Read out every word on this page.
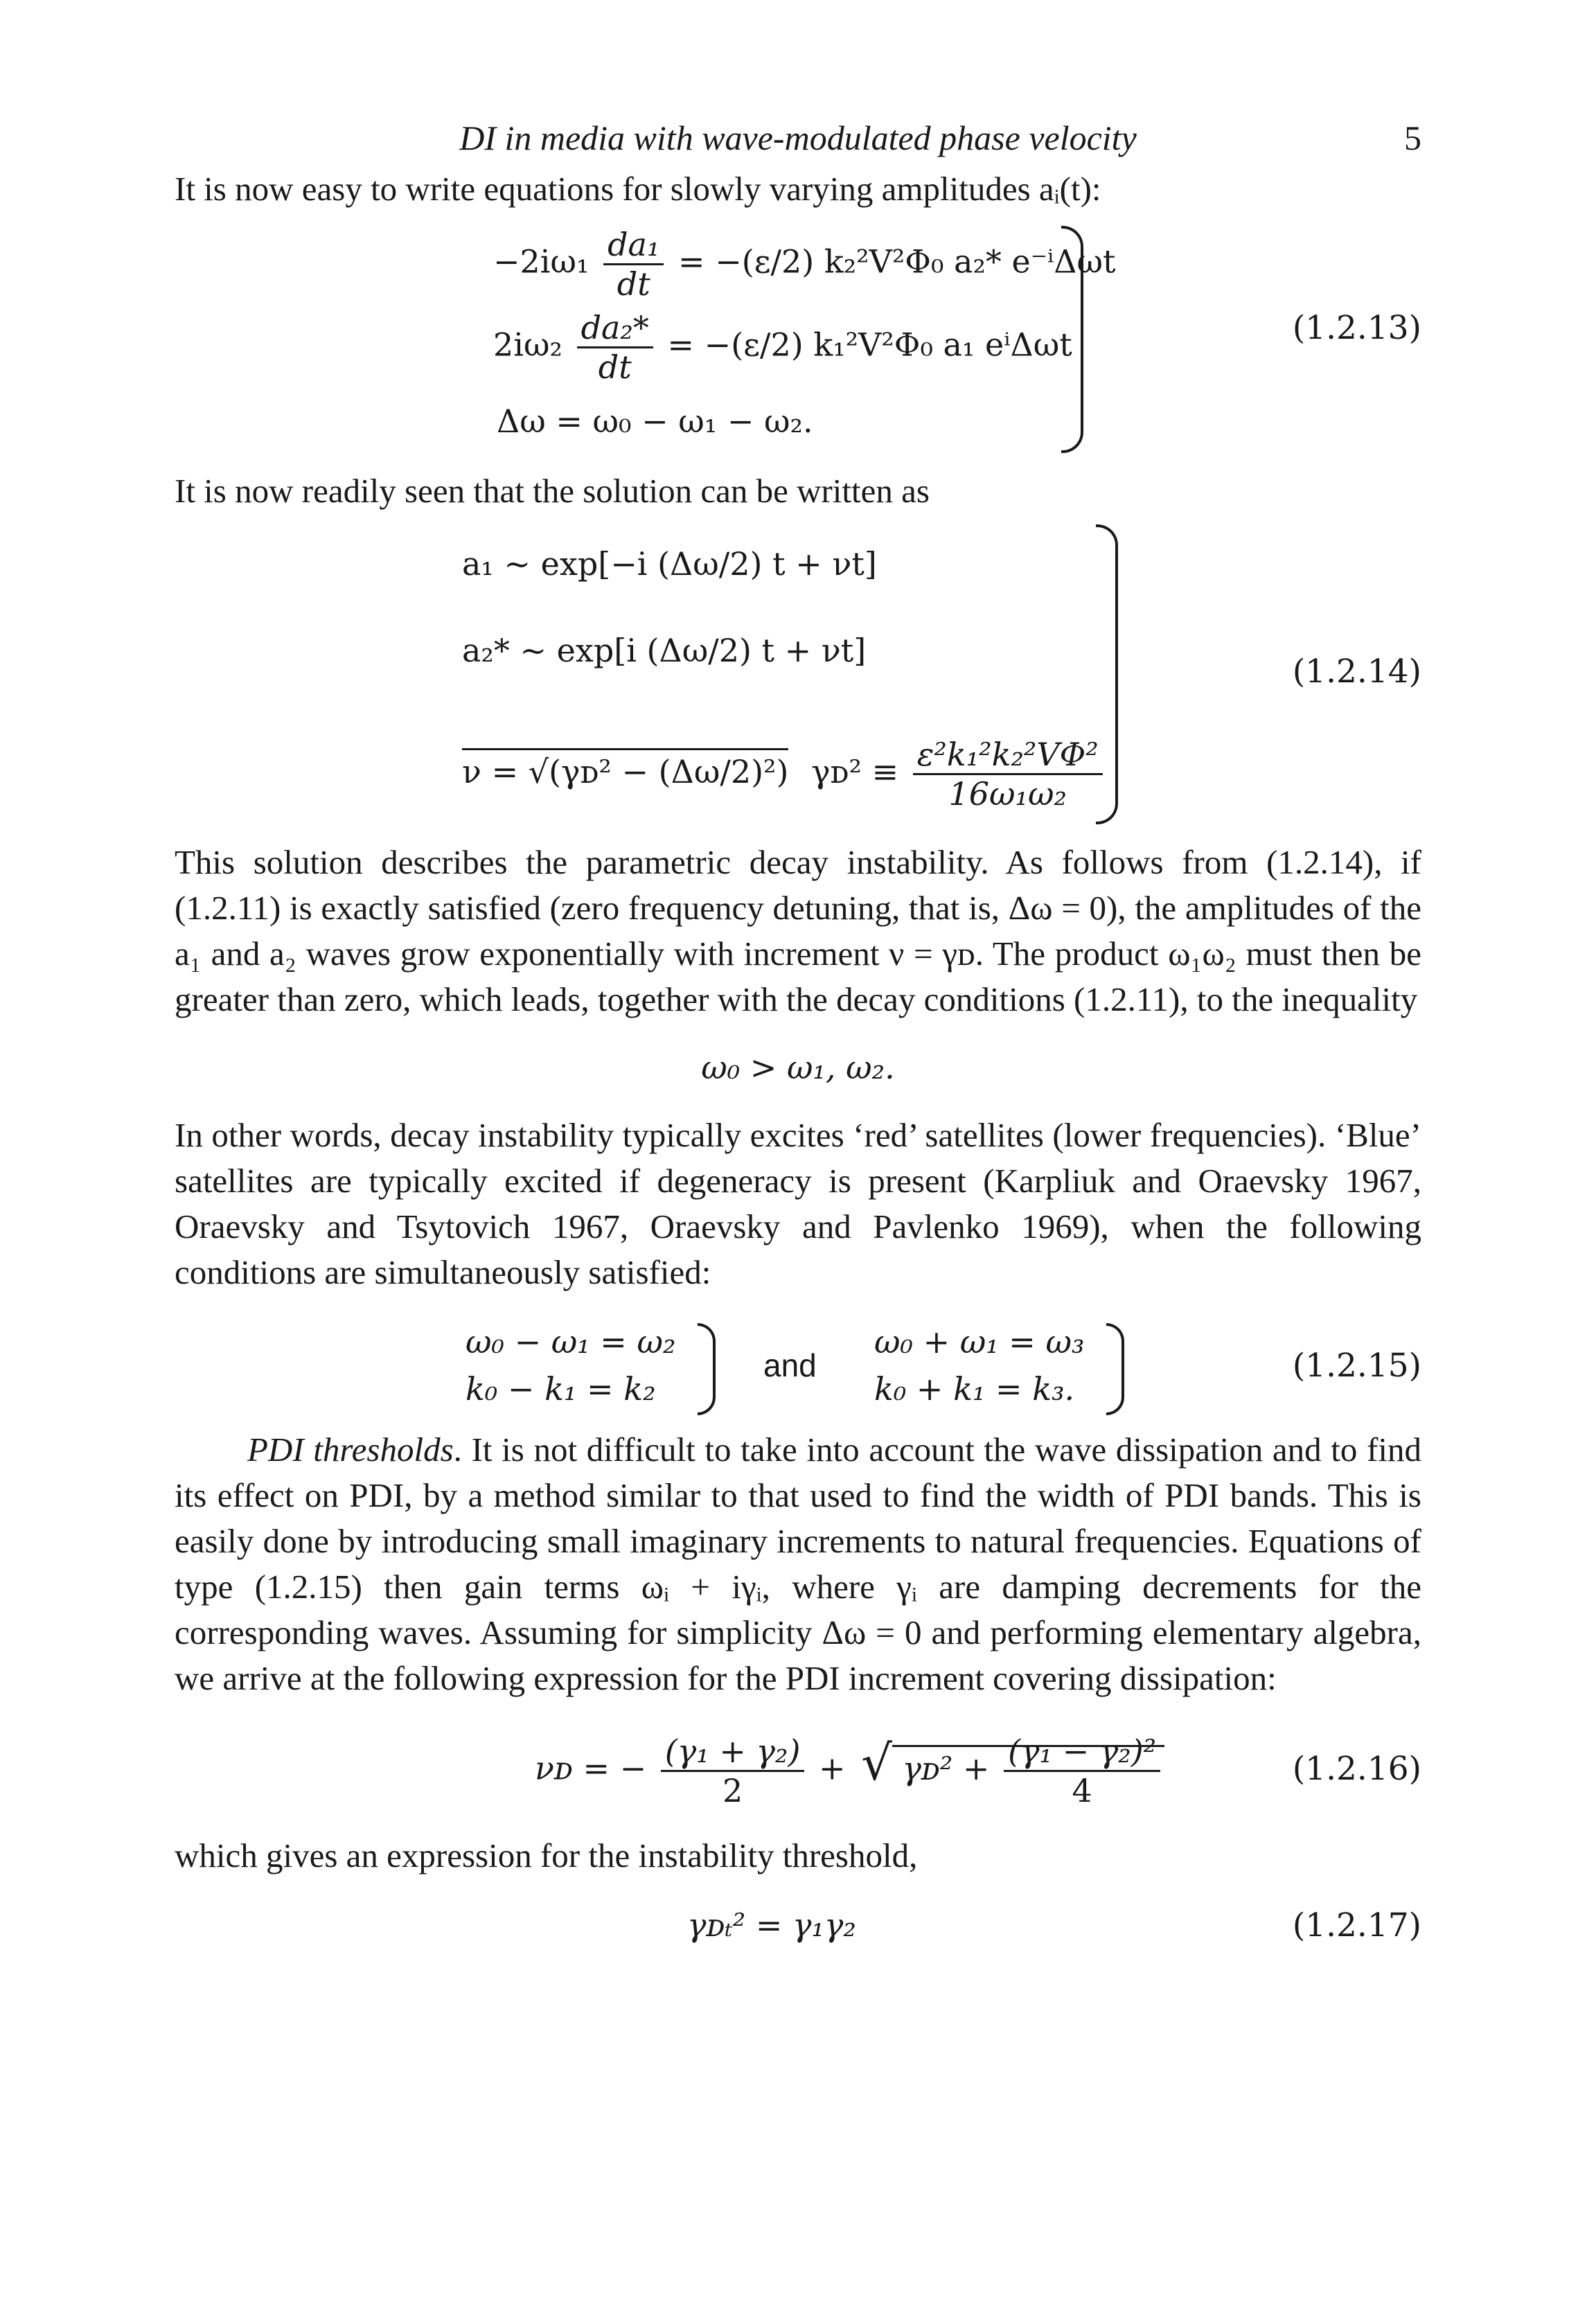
DI in media with wave-modulated phase velocity	5

It is now easy to write equations for slowly varying amplitudes aᵢ(t):

$-2i\omega_1 \frac{\text{da₁}}{dt} = -(\varepsilon/2)$ k₂²V²Φ₀ a₂* e⁻ⁱΔωt
$2i\omega_2 \frac{\text{da₂*}}{dt} = -(\varepsilon/2)$ k₁²V²Φ₀ a₁ eⁱΔωt
Δω = ω₀ − ω₁ − ω₂.
(1.2.13)

It is now readily seen that the solution can be written as

a₁ ~ exp[−i (Δω/2) t + νt]
a₂* ~ exp[i (Δω/2) t + νt]
ν = √(γᴅ² − (Δω/2)²) γᴅ² ≡ $\frac{\text{ε²k₁²k₂²VΦ²}}{\text{16ω₁ω₂}}$
(1.2.14)

This solution describes the parametric decay instability. As follows from (1.2.14), if (1.2.11) is exactly satisfied (zero frequency detuning, that is, Δω = 0), the amplitudes of the a₁ and a₂ waves grow exponentially with increment ν = γᴅ. The product ω₁ω₂ must then be greater than zero, which leads, together with the decay conditions (1.2.11), to the inequality

ω₀ > ω₁, ω₂.

In other words, decay instability typically excites ‘red’ satellites (lower frequencies). ‘Blue’ satellites are typically excited if degeneracy is present (Karpliuk and Oraevsky 1967, Oraevsky and Tsytovich 1967, Oraevsky and Pavlenko 1969), when the following conditions are simultaneously satisfied:

ω₀ − ω₁ = ω₂
k₀ − k₁ = k₂
and
ω₀ + ω₁ = ω₃
k₀ + k₁ = k₃.
(1.2.15)

PDI thresholds. It is not difficult to take into account the wave dissipation and to find its effect on PDI, by a method similar to that used to find the width of PDI bands. This is easily done by introducing small imaginary increments to natural frequencies. Equations of type (1.2.15) then gain terms ωᵢ + iγᵢ, where γᵢ are damping decrements for the corresponding waves. Assuming for simplicity Δω = 0 and performing elementary algebra, we arrive at the following expression for the PDI increment covering dissipation:

νᴅ = − $\frac{\text{(γ₁ + γ₂)}}{2}$ + √ γᴅ² + $\frac{\text{(γ₁ − γ₂)²}}{4}$	(1.2.16)

which gives an expression for the instability threshold,

γᴅₜ² = γ₁γ₂	(1.2.17)
